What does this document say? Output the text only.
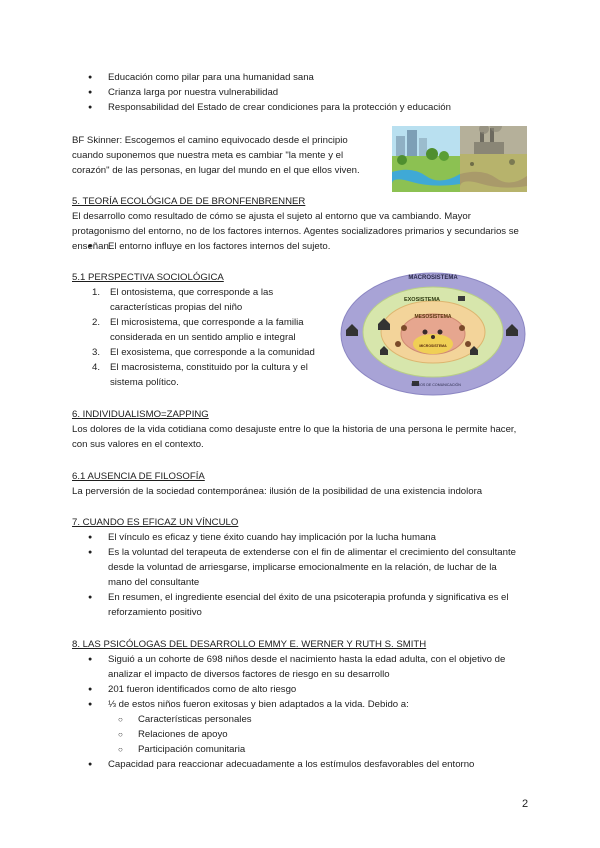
● Educación como pilar para una humanidad sana
● Crianza larga por nuestra vulnerabilidad
● Responsabilidad del Estado de crear condiciones para la protección y educación

BF Skinner: Escogemos el camino equivocado desde el principio cuando suponemos que nuestra meta es cambiar "la mente y el corazón" de las personas, en lugar del mundo en el que ellos viven.

5. TEORÍA ECOLÓGICA DE DE BRONFENBRENNER

El desarrollo como resultado de cómo se ajusta el sujeto al entorno que va cambiando. Mayor protagonismo del entorno, no de los factores internos. Agentes socializadores primarios y secundarios se enseñan.

● El entorno influye en los factores internos del sujeto.
5.1 PERSPECTIVA SOCIOLÓGICA
1. El ontosistema, que corresponde a las características propias del niño
2. El microsistema, que corresponde a la familia considerada en un sentido amplio e integral
3. El exosistema, que corresponde a la comunidad
4. El macrosistema, constituido por la cultura y el sistema político.
MACROSISTEMA
EXOSISTEMA
MESOSISTEMA
MICROSISTEMA
MEDIOS DE COMUNICACIÓN
6. INDIVIDUALISMO=ZAPPING

Los dolores de la vida cotidiana como desajuste entre lo que la historia de una persona le permite hacer, con sus valores en el contexto.

6.1 AUSENCIA DE FILOSOFÍA

La perversión de la sociedad contemporánea: ilusión de la posibilidad de una existencia indolora

7. CUANDO ES EFICAZ UN VÍNCULO
● El vínculo es eficaz y tiene éxito cuando hay implicación por la lucha humana
● Es la voluntad del terapeuta de extenderse con el fin de alimentar el crecimiento del consultante desde la voluntad de arriesgarse, implicarse emocionalmente en la relación, de luchar de la mano del consultante
● En resumen, el ingrediente esencial del éxito de una psicoterapia profunda y significativa es el reforzamiento positivo
8. LAS PSICÓLOGAS DEL DESARROLLO EMMY E. WERNER Y RUTH S. SMITH
● Siguió a un cohorte de 698 niños desde el nacimiento hasta la edad adulta, con el objetivo de analizar el impacto de diversos factores de riesgo en su desarrollo
● 201 fueron identificados como de alto riesgo
● ⅓ de estos niños fueron exitosas y bien adaptados a la vida. Debido a:
○ Características personales
○ Relaciones de apoyo
○ Participación comunitaria
● Capacidad para reaccionar adecuadamente a los estímulos desfavorables del entorno
2
